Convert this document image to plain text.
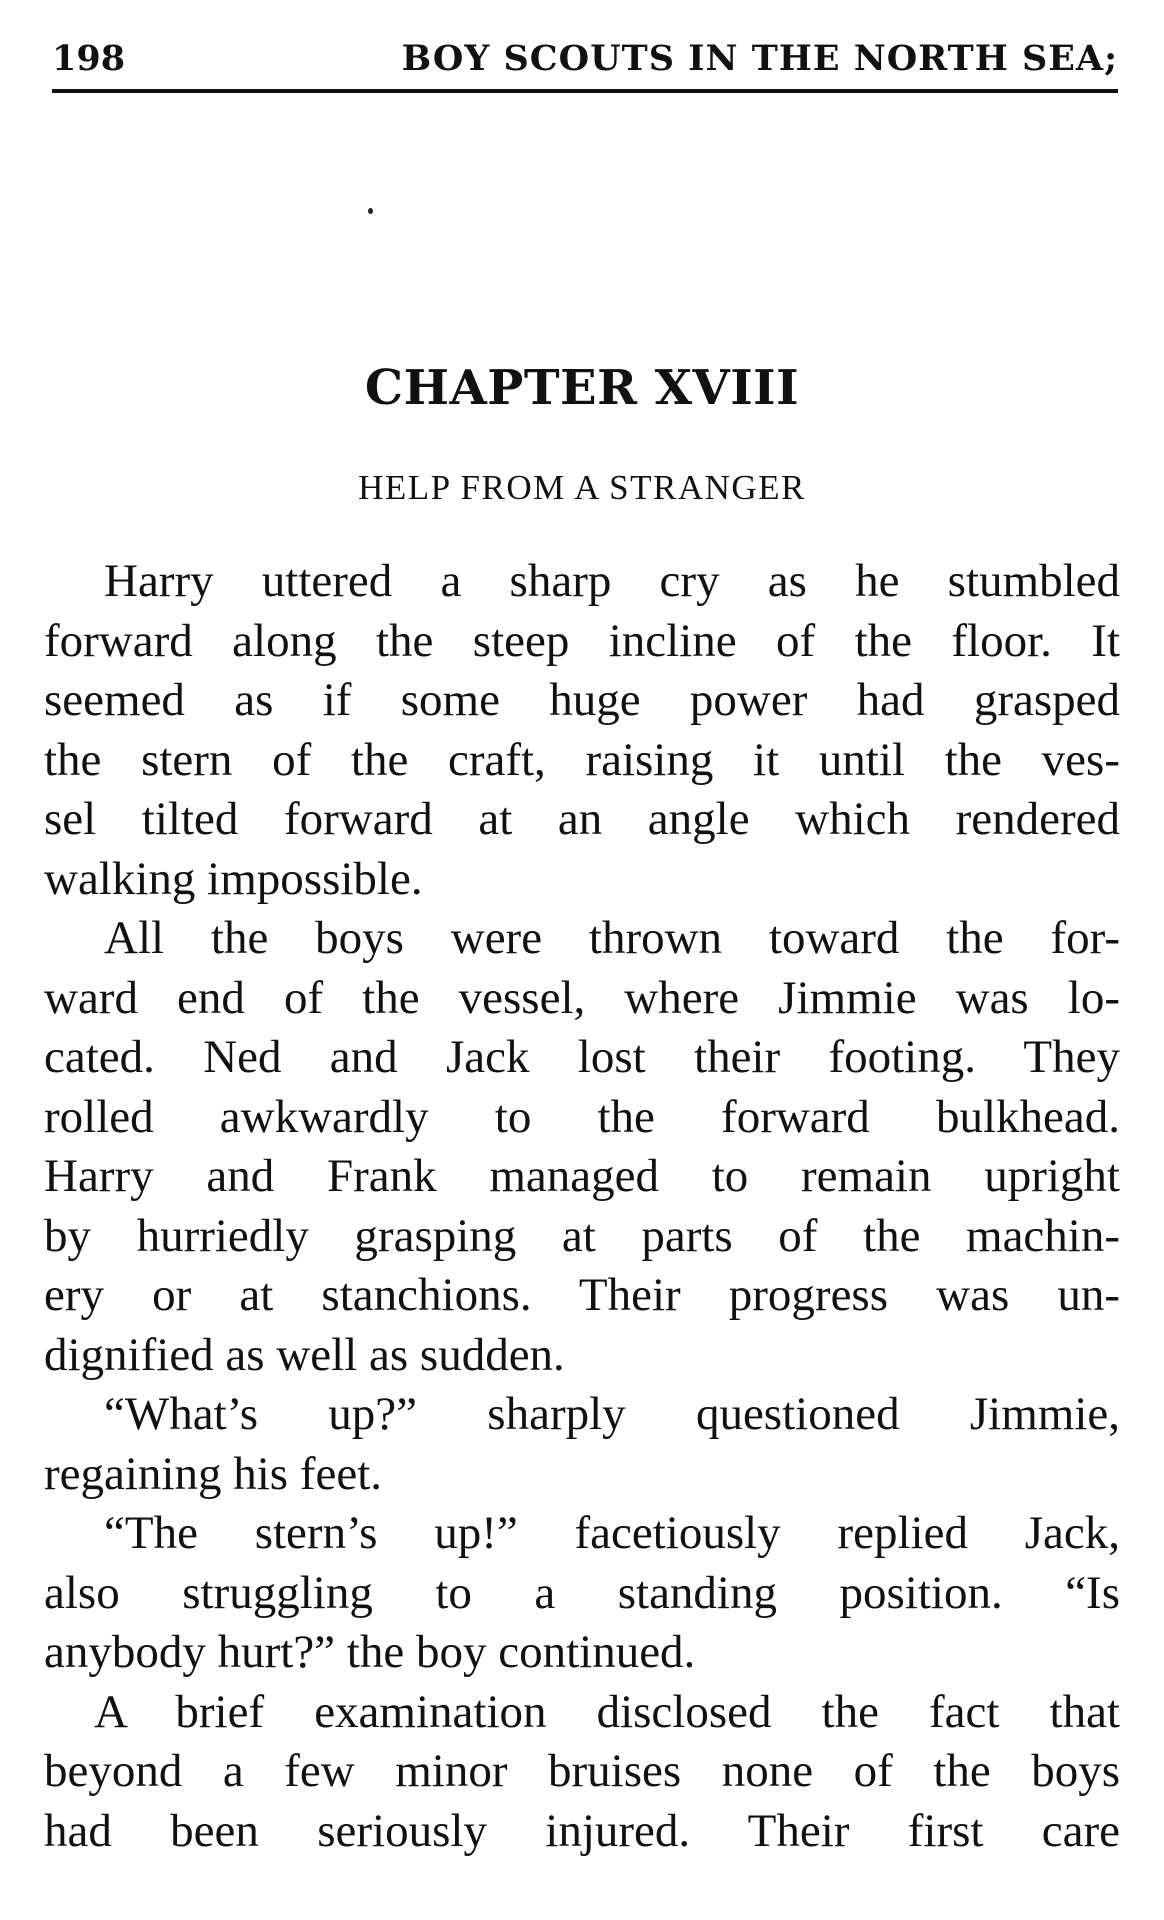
198	BOY SCOUTS IN THE NORTH SEA;
CHAPTER XVIII
HELP FROM A STRANGER
Harry uttered a sharp cry as he stumbled
forward along the steep incline of the floor. It
seemed as if some huge power had grasped
the stern of the craft, raising it until the ves-
sel tilted forward at an angle which rendered
walking impossible.
All the boys were thrown toward the for-
ward end of the vessel, where Jimmie was lo-
cated. Ned and Jack lost their footing. They
rolled awkwardly to the forward bulkhead.
Harry and Frank managed to remain upright
by hurriedly grasping at parts of the machin-
ery or at stanchions. Their progress was un-
dignified as well as sudden.
“What’s up?” sharply questioned Jimmie,
regaining his feet.
“The stern’s up!” facetiously replied Jack,
also struggling to a standing position. “Is
anybody hurt?” the boy continued.
A brief examination disclosed the fact that
beyond a few minor bruises none of the boys
had been seriously injured. Their first care
